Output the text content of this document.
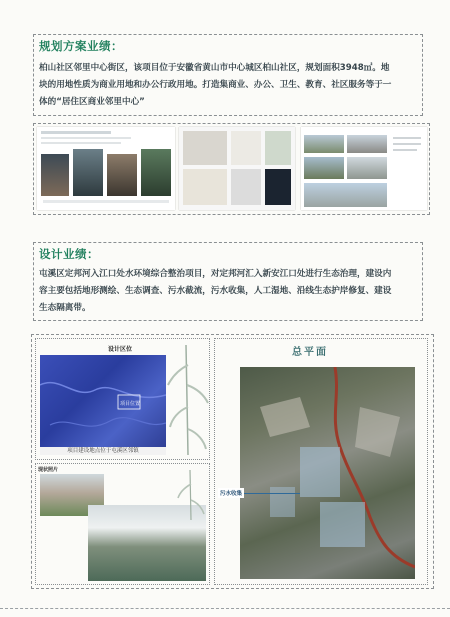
规划方案业绩：
柏山社区邻里中心街区，该项目位于安徽省黄山市中心城区柏山社区，规划面积3948㎡。地
块的用地性质为商业用地和办公行政用地。打造集商业、办公、卫生、教育、社区服务等于一
体的“居住区商业邻里中心”
设计业绩：
屯溪区定邦河入江口处水环境综合整治项目，对定邦河汇入新安江口处进行生态治理，建设内
容主要包括地形测绘、生态调查、污水截流，污水收集，人工湿地、沿线生态护岸修复、建设
生态隔离带。
设计区位
项目位置
项目建设地点位于屯溪区邻镇
现状照片
总平面
污水收集
